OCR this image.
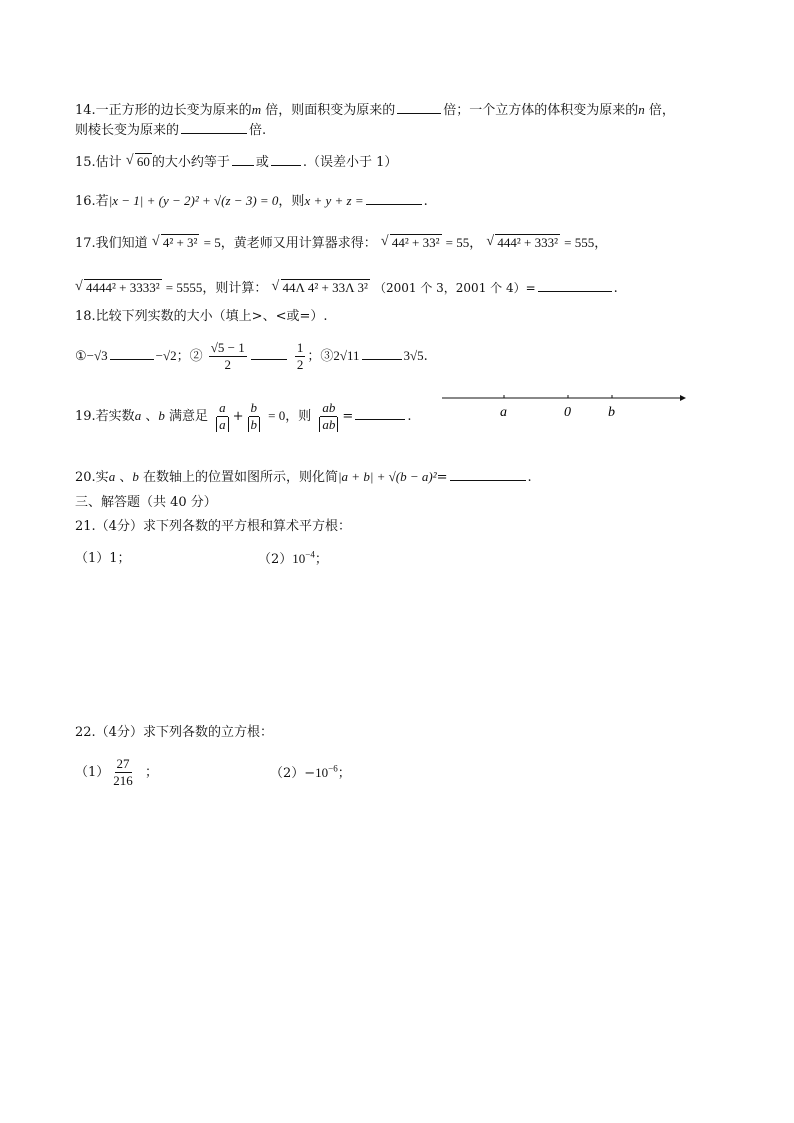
14.一正方形的边长变为原来的m 倍，则面积变为原来的	倍；一个立方体的体积变为原来的n 倍，
则棱长变为原来的	倍.
15.估计 √ 60 的大小约等于 或	.（误差小于 1）
16.若|x − 1| + (y − 2)² + √(z − 3) = 0，则x + y + z =	.
17.我们知道 √ 4² + 3² = 5，黄老师又用计算器求得： √ 44² + 33² = 55， √ 444² + 333² = 555，
√ 4444² + 3333² = 5555，则计算： √ 44Λ 4² + 33Λ 3² （2001 个 3，2001 个 4）=	.
18.比较下列实数的大小（填上>、<或=）.
①−√3	−√2；② $\frac{√5 - 1}{2}$
	$\frac{1}{2}$ ；③2√11	3√5.
19.若实数a 、b 满意足 $\frac{a}{a} + \frac{b}{b} = 0$，则 $\frac{ab}{ab}$ =	.	a	0	b
20.实a 、b 在数轴上的位置如图所示，则化简|a + b| + √(b − a)²=	.
三、解答题（共 40 分）
21.（4分）求下列各数的平方根和算术平方根：
（1）1；	$(2)10^{-4}$；
22.（4分）求下列各数的立方根：
$(1) \frac{27}{216}$ ；	$(2)-10^{-6}$；
